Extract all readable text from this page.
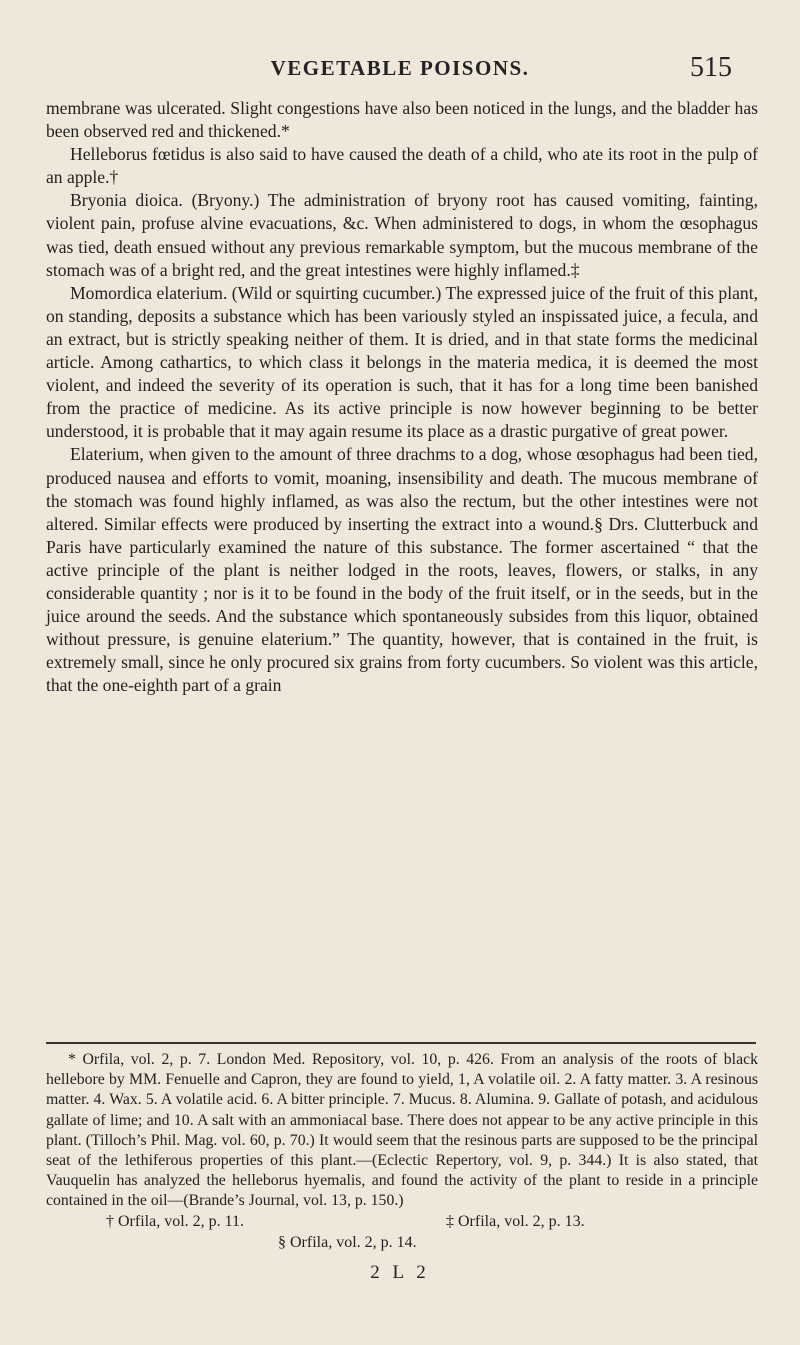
VEGETABLE POISONS.	515

membrane was ulcerated. Slight congestions have also been noticed in the lungs, and the bladder has been observed red and thickened.*

Helleborus fœtidus is also said to have caused the death of a child, who ate its root in the pulp of an apple.†

Bryonia dioica. (Bryony.) The administration of bryony root has caused vomiting, fainting, violent pain, profuse alvine evacuations, &c. When administered to dogs, in whom the œsophagus was tied, death ensued without any previous remarkable symptom, but the mucous membrane of the stomach was of a bright red, and the great intestines were highly inflamed.‡

Momordica elaterium. (Wild or squirting cucumber.) The expressed juice of the fruit of this plant, on standing, deposits a substance which has been variously styled an inspissated juice, a fecula, and an extract, but is strictly speaking neither of them. It is dried, and in that state forms the medicinal article. Among cathartics, to which class it belongs in the materia medica, it is deemed the most violent, and indeed the severity of its operation is such, that it has for a long time been banished from the practice of medicine. As its active principle is now however beginning to be better understood, it is probable that it may again resume its place as a drastic purgative of great power.

Elaterium, when given to the amount of three drachms to a dog, whose œsophagus had been tied, produced nausea and efforts to vomit, moaning, insensibility and death. The mucous membrane of the stomach was found highly inflamed, as was also the rectum, but the other intestines were not altered. Similar effects were produced by inserting the extract into a wound.§ Drs. Clutterbuck and Paris have particularly examined the nature of this substance. The former ascertained “ that the active principle of the plant is neither lodged in the roots, leaves, flowers, or stalks, in any considerable quantity ; nor is it to be found in the body of the fruit itself, or in the seeds, but in the juice around the seeds. And the substance which spontaneously subsides from this liquor, obtained without pressure, is genuine elaterium.” The quantity, however, that is contained in the fruit, is extremely small, since he only procured six grains from forty cucumbers. So violent was this article, that the one-eighth part of a grain

* Orfila, vol. 2, p. 7. London Med. Repository, vol. 10, p. 426. From an analysis of the roots of black hellebore by MM. Fenuelle and Capron, they are found to yield, 1, A volatile oil. 2. A fatty matter. 3. A resinous matter. 4. Wax. 5. A volatile acid. 6. A bitter principle. 7. Mucus. 8. Alumina. 9. Gallate of potash, and acidulous gallate of lime; and 10. A salt with an ammoniacal base. There does not appear to be any active principle in this plant. (Tilloch’s Phil. Mag. vol. 60, p. 70.) It would seem that the resinous parts are supposed to be the principal seat of the lethiferous properties of this plant.—(Eclectic Repertory, vol. 9, p. 344.) It is also stated, that Vauquelin has analyzed the helleborus hyemalis, and found the activity of the plant to reside in a principle contained in the oil—(Brande’s Journal, vol. 13, p. 150.)

† Orfila, vol. 2, p. 11.	‡ Orfila, vol. 2, p. 13.
§ Orfila, vol. 2, p. 14.
2 L 2
